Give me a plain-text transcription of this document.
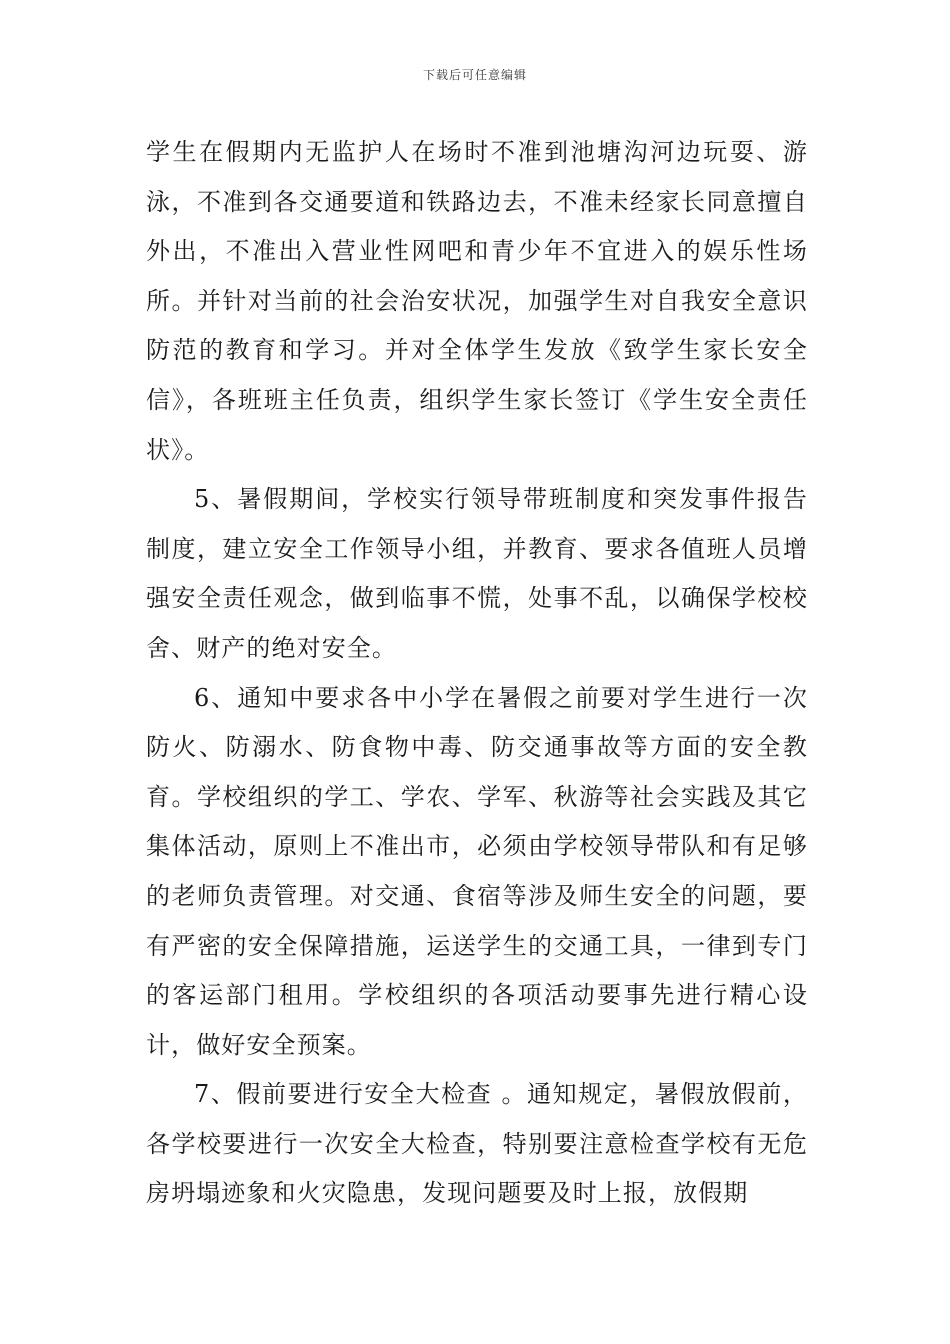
下载后可任意编辑

学生在假期内无监护人在场时不准到池塘沟河边玩耍、游泳，不准到各交通要道和铁路边去，不准未经家长同意擅自外出，不准出入营业性网吧和青少年不宜进入的娱乐性场所。并针对当前的社会治安状况，加强学生对自我安全意识防范的教育和学习。并对全体学生发放《致学生家长安全信》，各班班主任负责，组织学生家长签订《学生安全责任状》。

5、暑假期间，学校实行领导带班制度和突发事件报告制度，建立安全工作领导小组，并教育、要求各值班人员增强安全责任观念，做到临事不慌，处事不乱，以确保学校校舍、财产的绝对安全。

6、通知中要求各中小学在暑假之前要对学生进行一次防火、防溺水、防食物中毒、防交通事故等方面的安全教育。学校组织的学工、学农、学军、秋游等社会实践及其它集体活动，原则上不准出市，必须由学校领导带队和有足够的老师负责管理。对交通、食宿等涉及师生安全的问题，要有严密的安全保障措施，运送学生的交通工具，一律到专门的客运部门租用。学校组织的各项活动要事先进行精心设计，做好安全预案。

7、假前要进行安全大检查 。通知规定，暑假放假前，各学校要进行一次安全大检查，特别要注意检查学校有无危房坍塌迹象和火灾隐患，发现问题要及时上报，放假期
